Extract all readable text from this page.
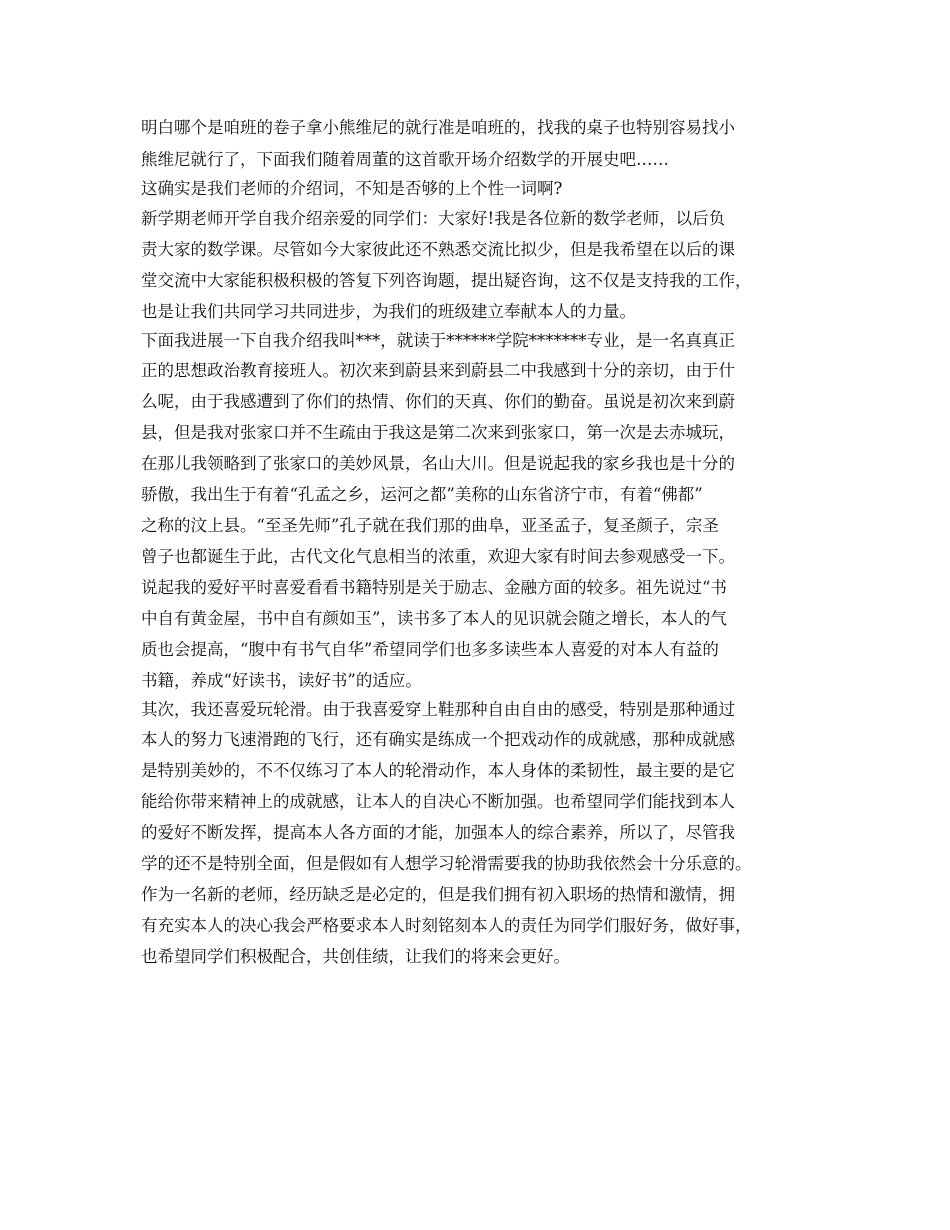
明白哪个是咱班的卷子拿小熊维尼的就行准是咱班的，找我的桌子也特别容易找小
熊维尼就行了，下面我们随着周董的这首歌开场介绍数学的开展史吧……
这确实是我们老师的介绍词，不知是否够的上个性一词啊?
新学期老师开学自我介绍亲爱的同学们：大家好!我是各位新的数学老师，以后负
责大家的数学课。尽管如今大家彼此还不熟悉交流比拟少，但是我希望在以后的课
堂交流中大家能积极积极的答复下列咨询题，提出疑咨询，这不仅是支持我的工作，
也是让我们共同学习共同进步，为我们的班级建立奉献本人的力量。
下面我进展一下自我介绍我叫***，就读于******学院*******专业，是一名真真正
正的思想政治教育接班人。初次来到蔚县来到蔚县二中我感到十分的亲切，由于什
么呢，由于我感遭到了你们的热情、你们的天真、你们的勤奋。虽说是初次来到蔚
县，但是我对张家口并不生疏由于我这是第二次来到张家口，第一次是去赤城玩，
在那儿我领略到了张家口的美妙风景，名山大川。但是说起我的家乡我也是十分的
骄傲，我出生于有着“孔孟之乡，运河之都”美称的山东省济宁市，有着“佛都”
之称的汶上县。“至圣先师”孔子就在我们那的曲阜，亚圣孟子，复圣颜子，宗圣
曾子也都诞生于此，古代文化气息相当的浓重，欢迎大家有时间去参观感受一下。
说起我的爱好平时喜爱看看书籍特别是关于励志、金融方面的较多。祖先说过“书
中自有黄金屋，书中自有颜如玉”，读书多了本人的见识就会随之增长，本人的气
质也会提高，“腹中有书气自华”希望同学们也多多读些本人喜爱的对本人有益的
书籍，养成“好读书，读好书”的适应。
其次，我还喜爱玩轮滑。由于我喜爱穿上鞋那种自由自由的感受，特别是那种通过
本人的努力飞速滑跑的飞行，还有确实是练成一个把戏动作的成就感，那种成就感
是特别美妙的，不不仅练习了本人的轮滑动作，本人身体的柔韧性，最主要的是它
能给你带来精神上的成就感，让本人的自决心不断加强。也希望同学们能找到本人
的爱好不断发挥，提高本人各方面的才能，加强本人的综合素养，所以了，尽管我
学的还不是特别全面，但是假如有人想学习轮滑需要我的协助我依然会十分乐意的。
作为一名新的老师，经历缺乏是必定的，但是我们拥有初入职场的热情和激情，拥
有充实本人的决心我会严格要求本人时刻铭刻本人的责任为同学们服好务，做好事，
也希望同学们积极配合，共创佳绩，让我们的将来会更好。
